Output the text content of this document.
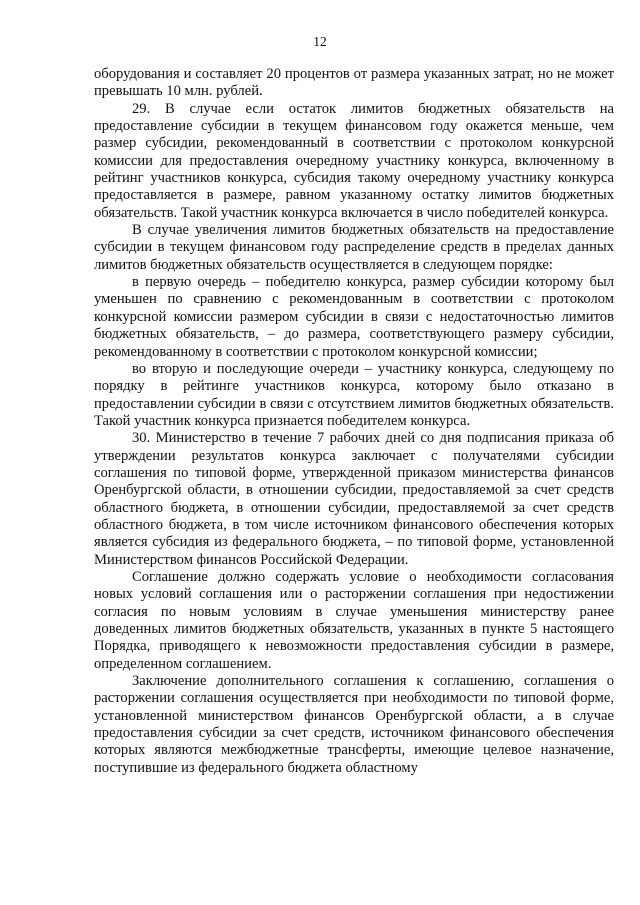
12

оборудования и составляет 20 процентов от размера указанных затрат, но не может превышать 10 млн. рублей.

29. В случае если остаток лимитов бюджетных обязательств на предоставление субсидии в текущем финансовом году окажется меньше, чем размер субсидии, рекомендованный в соответствии с протоколом конкурсной комиссии для предоставления очередному участнику конкурса, включенному в рейтинг участников конкурса, субсидия такому очередному участнику конкурса предоставляется в размере, равном указанному остатку лимитов бюджетных обязательств. Такой участник конкурса включается в число победителей конкурса.

В случае увеличения лимитов бюджетных обязательств на предоставление субсидии в текущем финансовом году распределение средств в пределах данных лимитов бюджетных обязательств осуществляется в следующем порядке:

в первую очередь – победителю конкурса, размер субсидии которому был уменьшен по сравнению с рекомендованным в соответствии с протоколом конкурсной комиссии размером субсидии в связи с недостаточностью лимитов бюджетных обязательств, – до размера, соответствующего размеру субсидии, рекомендованному в соответствии с протоколом конкурсной комиссии;

во вторую и последующие очереди – участнику конкурса, следующему по порядку в рейтинге участников конкурса, которому было отказано в предоставлении субсидии в связи с отсутствием лимитов бюджетных обязательств. Такой участник конкурса признается победителем конкурса.

30. Министерство в течение 7 рабочих дней со дня подписания приказа об утверждении результатов конкурса заключает с получателями субсидии соглашения по типовой форме, утвержденной приказом министерства финансов Оренбургской области, в отношении субсидии, предоставляемой за счет средств областного бюджета, в отношении субсидии, предоставляемой за счет средств областного бюджета, в том числе источником финансового обеспечения которых является субсидия из федерального бюджета, – по типовой форме, установленной Министерством финансов Российской Федерации.

Соглашение должно содержать условие о необходимости согласования новых условий соглашения или о расторжении соглашения при недостижении согласия по новым условиям в случае уменьшения министерству ранее доведенных лимитов бюджетных обязательств, указанных в пункте 5 настоящего Порядка, приводящего к невозможности предоставления субсидии в размере, определенном соглашением.

Заключение дополнительного соглашения к соглашению, соглашения о расторжении соглашения осуществляется при необходимости по типовой форме, установленной министерством финансов Оренбургской области, а в случае предоставления субсидии за счет средств, источником финансового обеспечения которых являются межбюджетные трансферты, имеющие целевое назначение, поступившие из федерального бюджета областному
